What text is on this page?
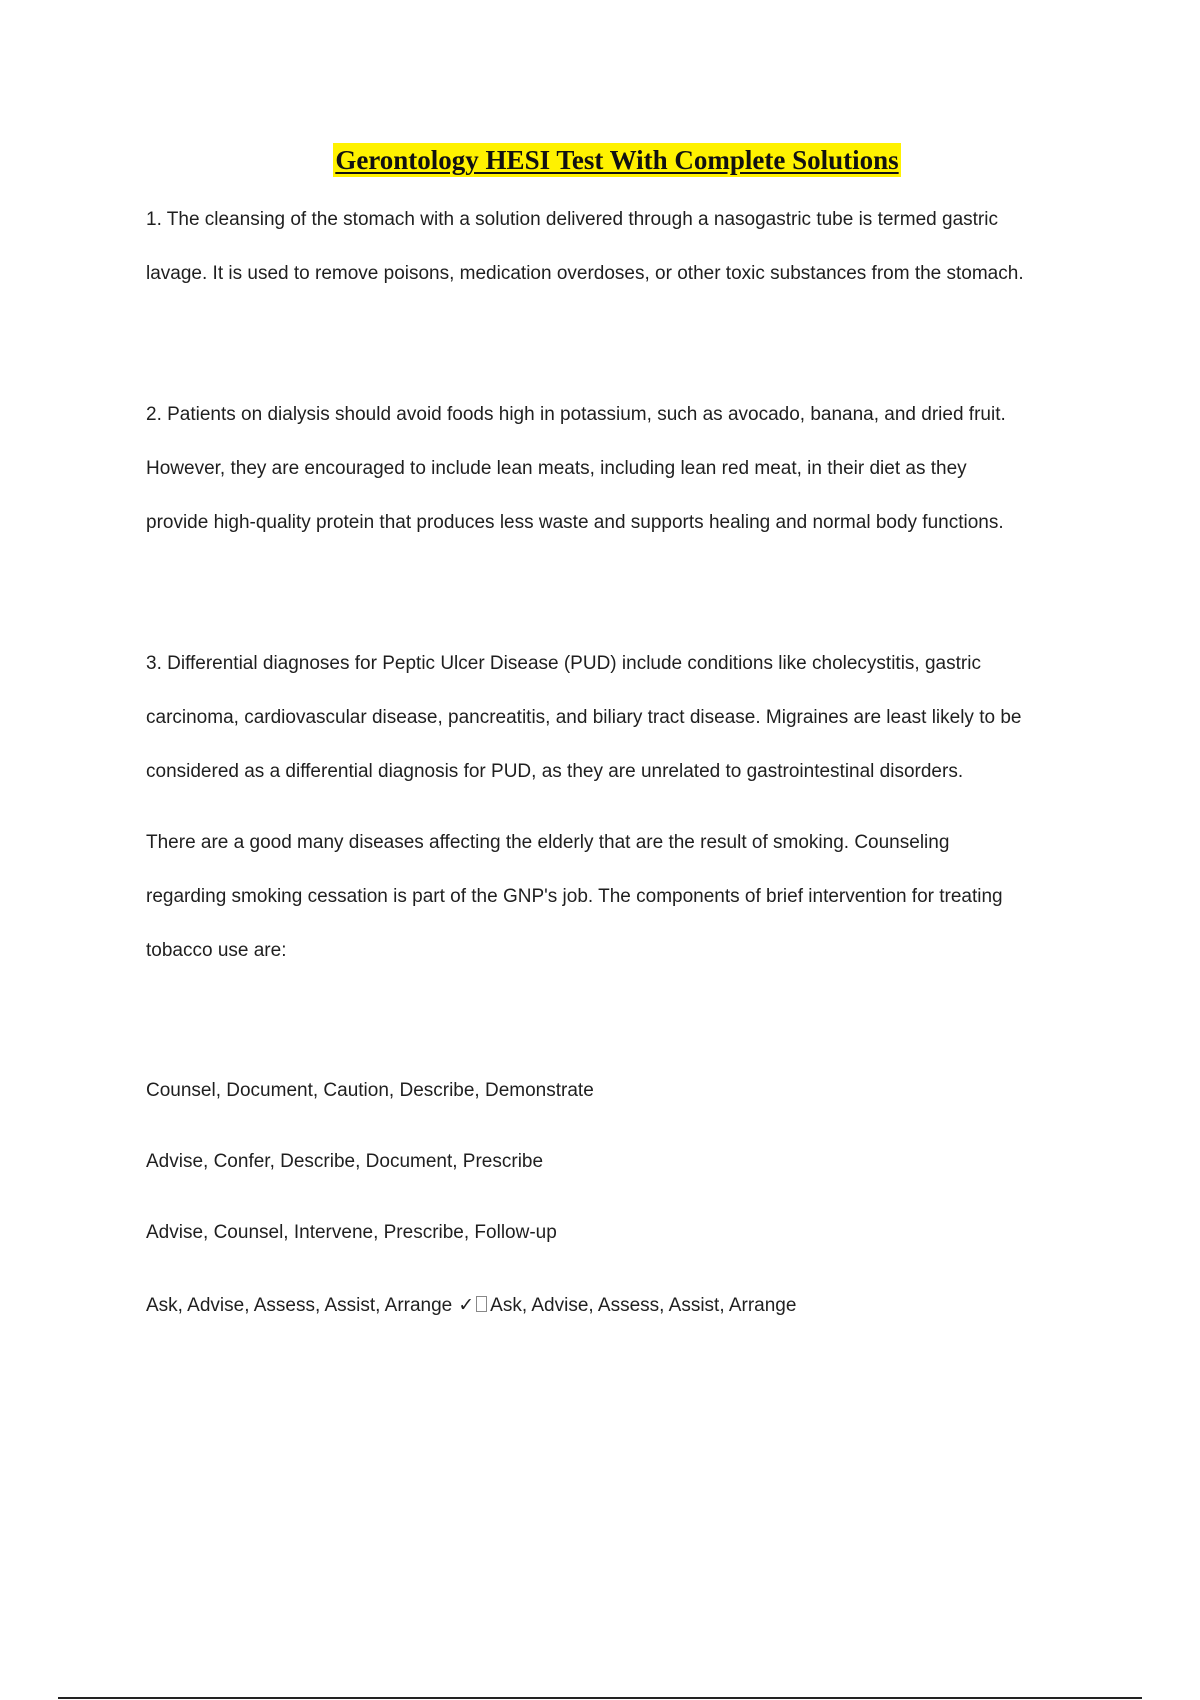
Gerontology HESI Test With Complete Solutions

1. The cleansing of the stomach with a solution delivered through a nasogastric tube is termed gastric
lavage. It is used to remove poisons, medication overdoses, or other toxic substances from the stomach.

2. Patients on dialysis should avoid foods high in potassium, such as avocado, banana, and dried fruit.
However, they are encouraged to include lean meats, including lean red meat, in their diet as they
provide high-quality protein that produces less waste and supports healing and normal body functions.

3. Differential diagnoses for Peptic Ulcer Disease (PUD) include conditions like cholecystitis, gastric
carcinoma, cardiovascular disease, pancreatitis, and biliary tract disease. Migraines are least likely to be
considered as a differential diagnosis for PUD, as they are unrelated to gastrointestinal disorders.

There are a good many diseases affecting the elderly that are the result of smoking. Counseling
regarding smoking cessation is part of the GNP's job. The components of brief intervention for treating
tobacco use are:

Counsel, Document, Caution, Describe, Demonstrate
Advise, Confer, Describe, Document, Prescribe
Advise, Counsel, Intervene, Prescribe, Follow-up
Ask, Advise, Assess, Assist, Arrange ✓ Ask, Advise, Assess, Assist, Arrange
